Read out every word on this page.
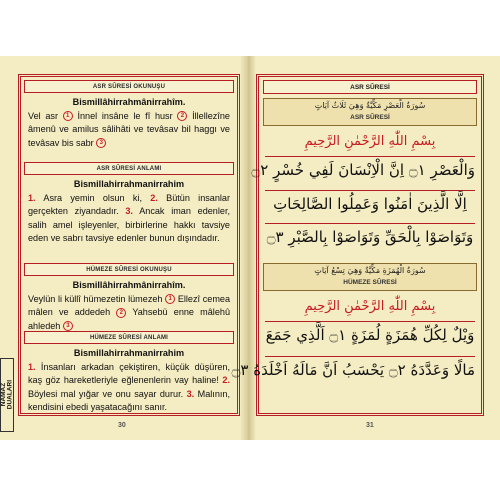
NAMAZ
DUALARI
ASR SÛRESİ OKUNUŞU
Bismillâhirrahmânirrahîm.
Vel asr 1 İnnel insâne le fî husr 2 İllellezîne âmenû ve amilus sâlihâti ve tevâsav bil haggı ve tevâsav bis sabr 3
ASR SÛRESİ ANLAMI
Bismillahirrahmanirrahim
1. Asra yemin olsun ki, 2. Bütün insanlar gerçekten ziyandadır. 3. Ancak iman edenler, salih amel işleyenler, birbirlerine hakkı tavsiye eden ve sabrı tavsiye edenler bunun dışındadır.
HÜMEZE SÛRESİ OKUNUŞU
Bismillâhirrahmânirrahîm.
Veylün li küllî hümezetin lümezeh 1 Ellezî cemea mâlen ve addedeh 2 Yahsebü enne mâlehû ahledeh 3
HÜMEZE SÛRESİ ANLAMI
Bismillahirrahmanirrahim
1. İnsanları arkadan çekiştiren, küçük düşüren, kaş göz hareketleriyle eğlenenlerin vay haline! 2. Böylesi mal yığar ve onu sayar durur. 3. Malının, kendisini ebedi yaşatacağını sanır.
30
ASR SÛRESİ
سُورَةُ الْعَصْرِ مَكِّيَّةٌ وَهِيَ ثَلَاثُ آيَاتٍ
ASR SÛRESİ
بِسْمِ اللّٰهِ الرَّحْمٰنِ الرَّحِيمِ
وَالْعَصْرِ ۝١ اِنَّ الْاِنْسَانَ لَفِي خُسْرٍ ۝٢
اِلَّا الَّذِينَ اٰمَنُوا وَعَمِلُوا الصَّالِحَاتِ
وَتَوَاصَوْا بِالْحَقِّ وَتَوَاصَوْا بِالصَّبْرِ ۝٣
سُورَةُ الْهُمَزَةِ مَكِّيَّةٌ وَهِيَ تِسْعُ آيَاتٍ
HÜMEZE SÛRESİ
بِسْمِ اللّٰهِ الرَّحْمٰنِ الرَّحِيمِ
وَيْلٌ لِكُلِّ هُمَزَةٍ لُمَزَةٍ ۝١ اَلَّذِي جَمَعَ
مَالًا وَعَدَّدَهُ ۝٢ يَحْسَبُ اَنَّ مَالَهُ اَخْلَدَهُ ۝٣
31
